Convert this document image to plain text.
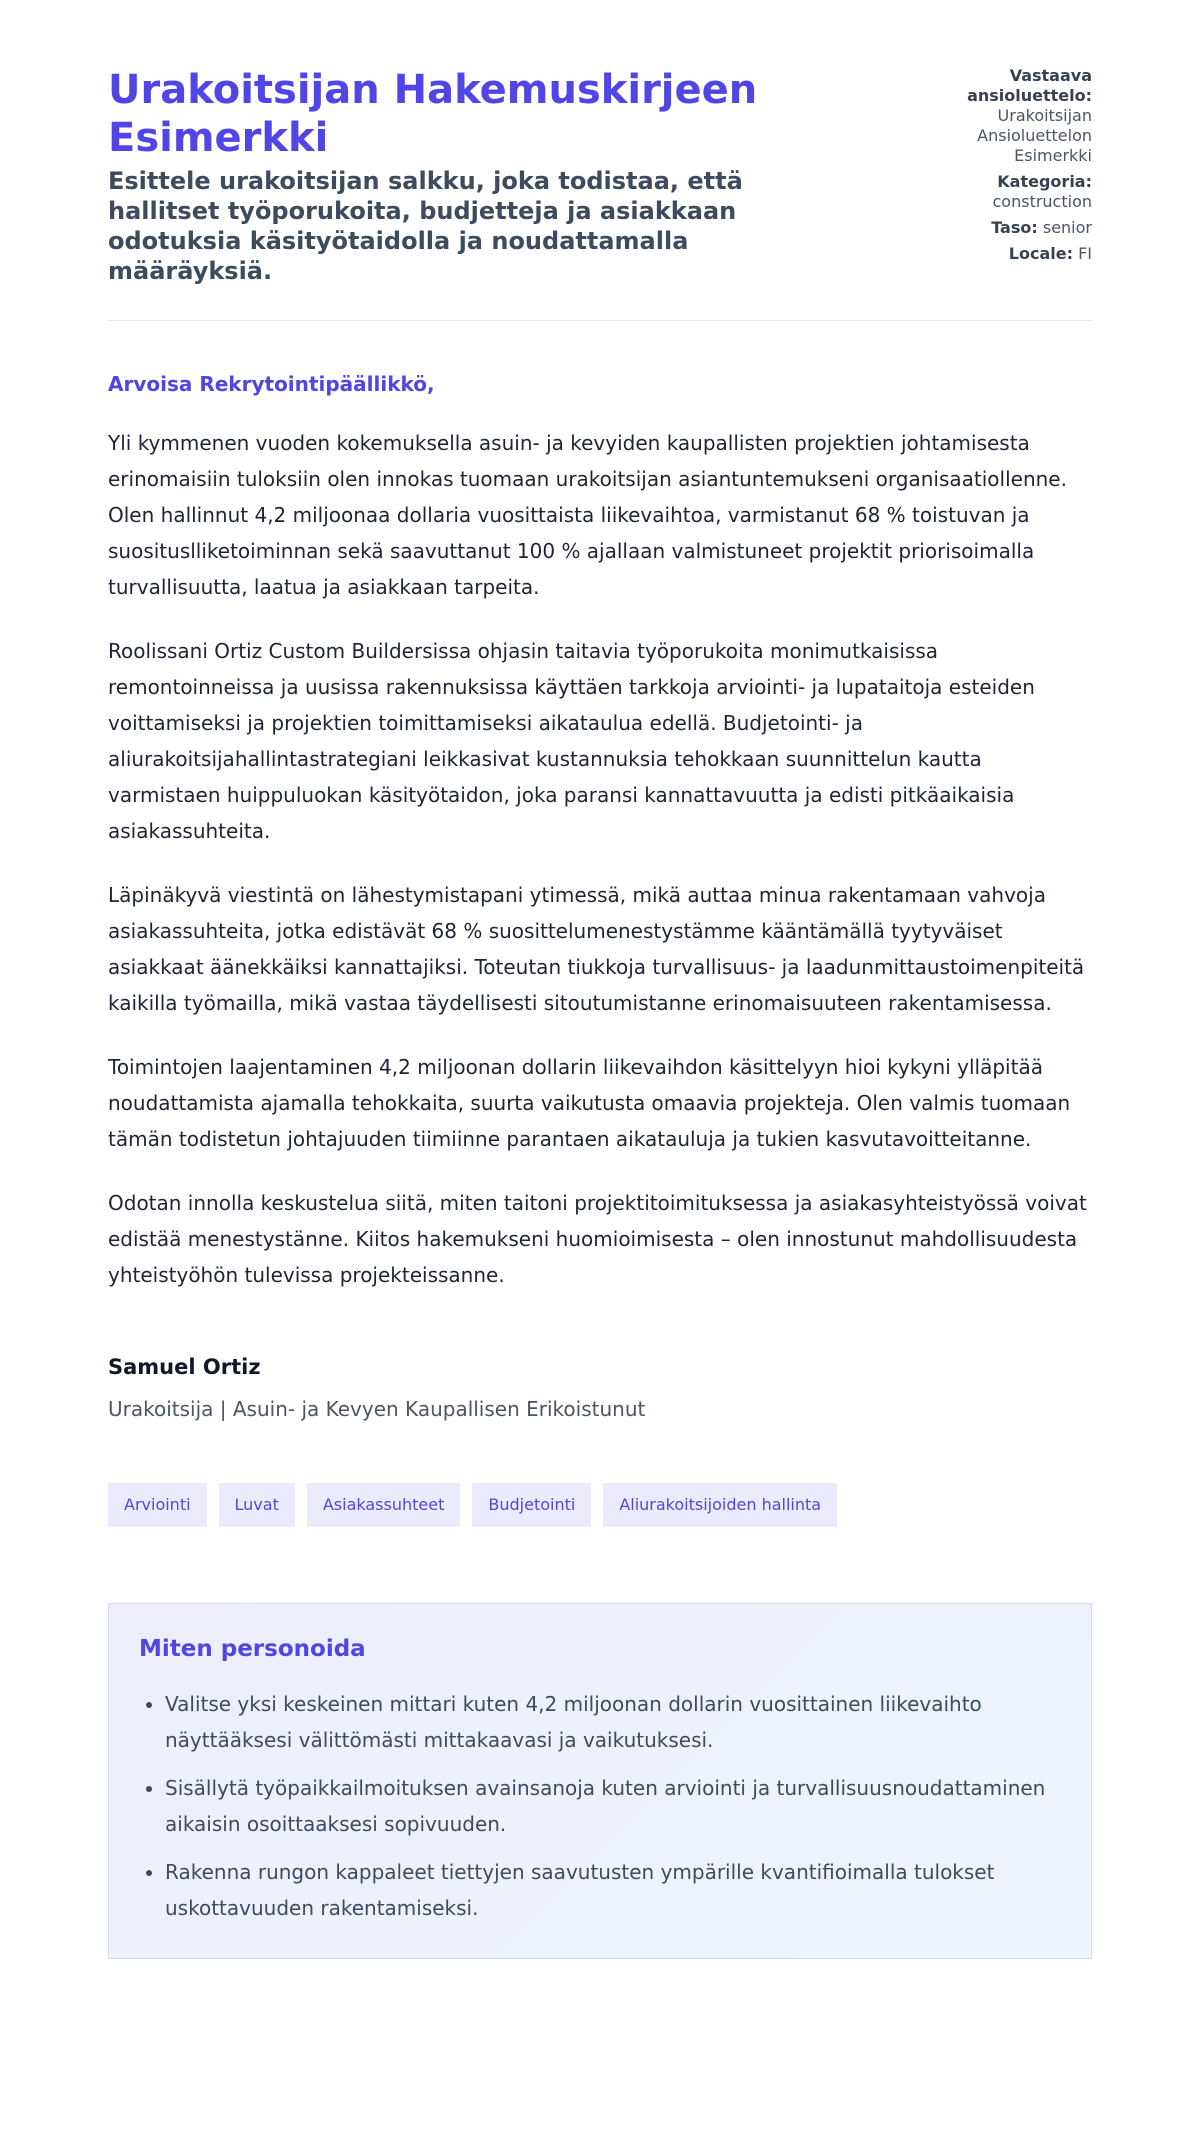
Urakoitsijan Hakemuskirjeen Esimerkki
Esittele urakoitsijan salkku, joka todistaa, että hallitset työporukoita, budjetteja ja asiakkaan odotuksia käsityötaidolla ja noudattamalla määräyksiä.
Vastaava ansioluettelo:
Urakoitsijan Ansioluettelon Esimerkki
Kategoria:
construction
Taso: senior
Locale: FI
Arvoisa Rekrytointipäällikkö,

Yli kymmenen vuoden kokemuksella asuin- ja kevyiden kaupallisten projektien johtamisesta erinomaisiin tuloksiin olen innokas tuomaan urakoitsijan asiantuntemukseni organisaatiollenne. Olen hallinnut 4,2 miljoonaa dollaria vuosittaista liikevaihtoa, varmistanut 68 % toistuvan ja suosituslliketoiminnan sekä saavuttanut 100 % ajallaan valmistuneet projektit priorisoimalla turvallisuutta, laatua ja asiakkaan tarpeita.

Roolissani Ortiz Custom Buildersissa ohjasin taitavia työporukoita monimutkaisissa remontoinneissa ja uusissa rakennuksissa käyttäen tarkkoja arviointi- ja lupataitoja esteiden voittamiseksi ja projektien toimittamiseksi aikataulua edellä. Budjetointi- ja aliurakoitsijahallintastrategiani leikkasivat kustannuksia tehokkaan suunnittelun kautta varmistaen huippuluokan käsityötaidon, joka paransi kannattavuutta ja edisti pitkäaikaisia asiakassuhteita.

Läpinäkyvä viestintä on lähestymistapani ytimessä, mikä auttaa minua rakentamaan vahvoja asiakassuhteita, jotka edistävät 68 % suosittelumenestystämme kääntämällä tyytyväiset asiakkaat äänekkäiksi kannattajiksi. Toteutan tiukkoja turvallisuus- ja laadunmittaustoimenpiteitä kaikilla työmailla, mikä vastaa täydellisesti sitoutumistanne erinomaisuuteen rakentamisessa.

Toimintojen laajentaminen 4,2 miljoonan dollarin liikevaihdon käsittelyyn hioi kykyni ylläpitää noudattamista ajamalla tehokkaita, suurta vaikutusta omaavia projekteja. Olen valmis tuomaan tämän todistetun johtajuuden tiimiinne parantaen aikatauluja ja tukien kasvutavoitteitanne.

Odotan innolla keskustelua siitä, miten taitoni projektitoimituksessa ja asiakasyhteistyössä voivat edistää menestystänne. Kiitos hakemukseni huomioimisesta – olen innostunut mahdollisuudesta yhteistyöhön tulevissa projekteissanne.

Samuel Ortiz
Urakoitsija | Asuin- ja Kevyen Kaupallisen Erikoistunut
Arviointi	Luvat	Asiakassuhteet	Budjetointi	Aliurakoitsijoiden hallinta
Miten personoida
• Valitse yksi keskeinen mittari kuten 4,2 miljoonan dollarin vuosittainen liikevaihto näyttääksesi välittömästi mittakaavasi ja vaikutuksesi.
• Sisällytä työpaikkailmoituksen avainsanoja kuten arviointi ja turvallisuusnoudattaminen aikaisin osoittaaksesi sopivuuden.
• Rakenna rungon kappaleet tiettyjen saavutusten ympärille kvantifioimalla tulokset uskottavuuden rakentamiseksi.
